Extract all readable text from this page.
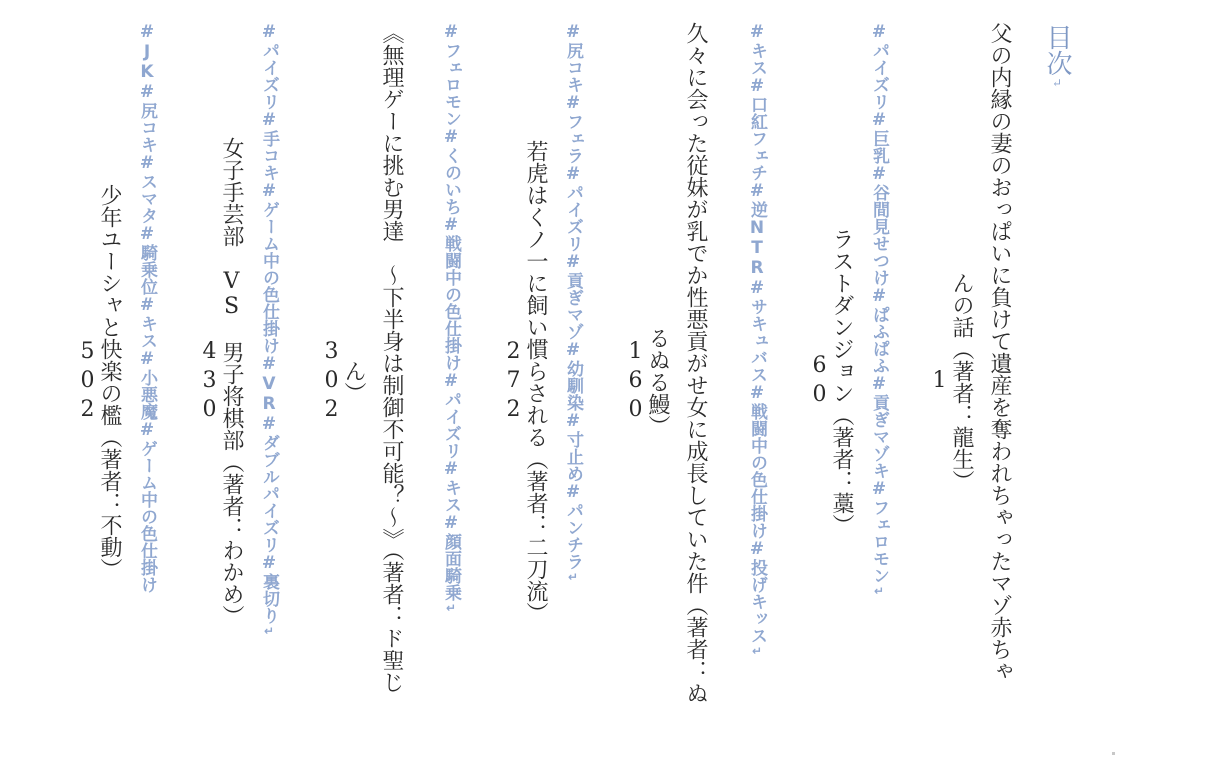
目次↵
父の内縁の妻のおっぱいに負けて遺産を奪われちゃったマゾ赤ちゃ
んの話（著者：龍生）
1
#パイズリ#巨乳#谷間見せつけ#ぱふぱふ#貢ぎマゾキ#フェロモン↵
ラストダンジョン（著者：藁）
60
#キス#口紅フェチ#逆NTR#サキュバス#戦闘中の色仕掛け#投げキッス↵
久々に会った従妹が乳でか性悪貢がせ女に成長していた件（著者：ぬ
るぬる鰻）
160
#尻コキ#フェラ#パイズリ#貢ぎマゾ#幼馴染#寸止め#パンチラ↵
若虎はくノ一に飼い慣らされる（著者：二刀流）
272
#フェロモン#くのいち#戦闘中の色仕掛け#パイズリ#キス#顔面騎乗↵
《無理ゲーに挑む男達　～下半身は制御不可能？～》（著者：ド聖じ
ん）
302
#パイズリ#手コキ#ゲーム中の色仕掛け#VR#ダブルパイズリ#裏切り↵
女子手芸部　VS　男子将棋部（著者：わかめ）
430
#JK#尻コキ#スマタ#騎乗位#キス#小悪魔#ゲーム中の色仕掛け
少年ユーシャと快楽の檻（著者：不動）
502
